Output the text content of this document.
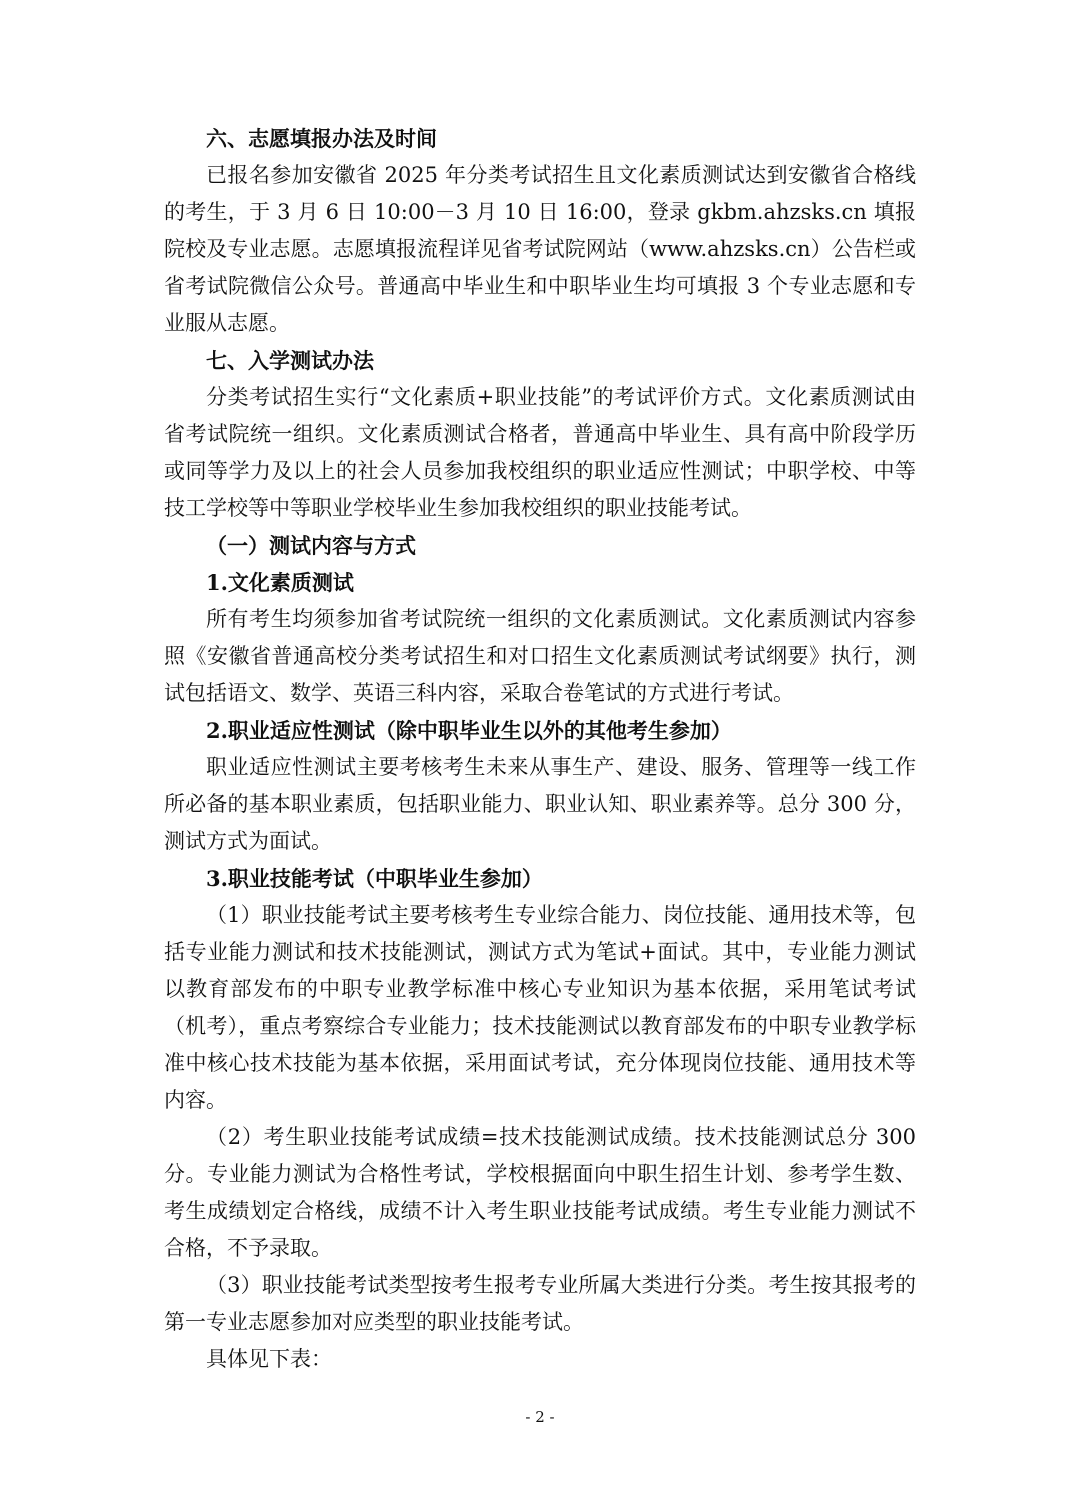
六、志愿填报办法及时间

已报名参加安徽省 2025 年分类考试招生且文化素质测试达到安徽省合格线的考生，于 3 月 6 日 10:00－3 月 10 日 16:00，登录 gkbm.ahzsks.cn 填报院校及专业志愿。志愿填报流程详见省考试院网站（www.ahzsks.cn）公告栏或省考试院微信公众号。普通高中毕业生和中职毕业生均可填报 3 个专业志愿和专业服从志愿。

七、入学测试办法

分类考试招生实行“文化素质+职业技能”的考试评价方式。文化素质测试由省考试院统一组织。文化素质测试合格者，普通高中毕业生、具有高中阶段学历或同等学力及以上的社会人员参加我校组织的职业适应性测试；中职学校、中等技工学校等中等职业学校毕业生参加我校组织的职业技能考试。

（一）测试内容与方式

1.文化素质测试

所有考生均须参加省考试院统一组织的文化素质测试。文化素质测试内容参照《安徽省普通高校分类考试招生和对口招生文化素质测试考试纲要》执行，测试包括语文、数学、英语三科内容，采取合卷笔试的方式进行考试。

2.职业适应性测试（除中职毕业生以外的其他考生参加）

职业适应性测试主要考核考生未来从事生产、建设、服务、管理等一线工作所必备的基本职业素质，包括职业能力、职业认知、职业素养等。总分 300 分，测试方式为面试。

3.职业技能考试（中职毕业生参加）

（1）职业技能考试主要考核考生专业综合能力、岗位技能、通用技术等，包括专业能力测试和技术技能测试，测试方式为笔试+面试。其中，专业能力测试以教育部发布的中职专业教学标准中核心专业知识为基本依据，采用笔试考试（机考），重点考察综合专业能力；技术技能测试以教育部发布的中职专业教学标准中核心技术技能为基本依据，采用面试考试，充分体现岗位技能、通用技术等内容。

（2）考生职业技能考试成绩=技术技能测试成绩。技术技能测试总分 300 分。专业能力测试为合格性考试，学校根据面向中职生招生计划、参考学生数、考生成绩划定合格线，成绩不计入考生职业技能考试成绩。考生专业能力测试不合格，不予录取。

（3）职业技能考试类型按考生报考专业所属大类进行分类。考生按其报考的第一专业志愿参加对应类型的职业技能考试。

具体见下表：

- 2 -
